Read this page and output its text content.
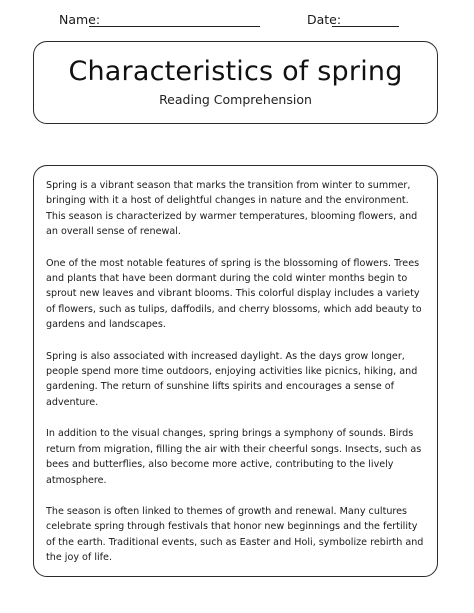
Name:	Date:
Characteristics of spring
Reading Comprehension

Spring is a vibrant season that marks the transition from winter to summer, bringing with it a host of delightful changes in nature and the environment. This season is characterized by warmer temperatures, blooming flowers, and an overall sense of renewal.

One of the most notable features of spring is the blossoming of flowers. Trees and plants that have been dormant during the cold winter months begin to sprout new leaves and vibrant blooms. This colorful display includes a variety of flowers, such as tulips, daffodils, and cherry blossoms, which add beauty to gardens and landscapes.

Spring is also associated with increased daylight. As the days grow longer, people spend more time outdoors, enjoying activities like picnics, hiking, and gardening. The return of sunshine lifts spirits and encourages a sense of adventure.

In addition to the visual changes, spring brings a symphony of sounds. Birds return from migration, filling the air with their cheerful songs. Insects, such as bees and butterflies, also become more active, contributing to the lively atmosphere.

The season is often linked to themes of growth and renewal. Many cultures celebrate spring through festivals that honor new beginnings and the fertility of the earth. Traditional events, such as Easter and Holi, symbolize rebirth and the joy of life.
